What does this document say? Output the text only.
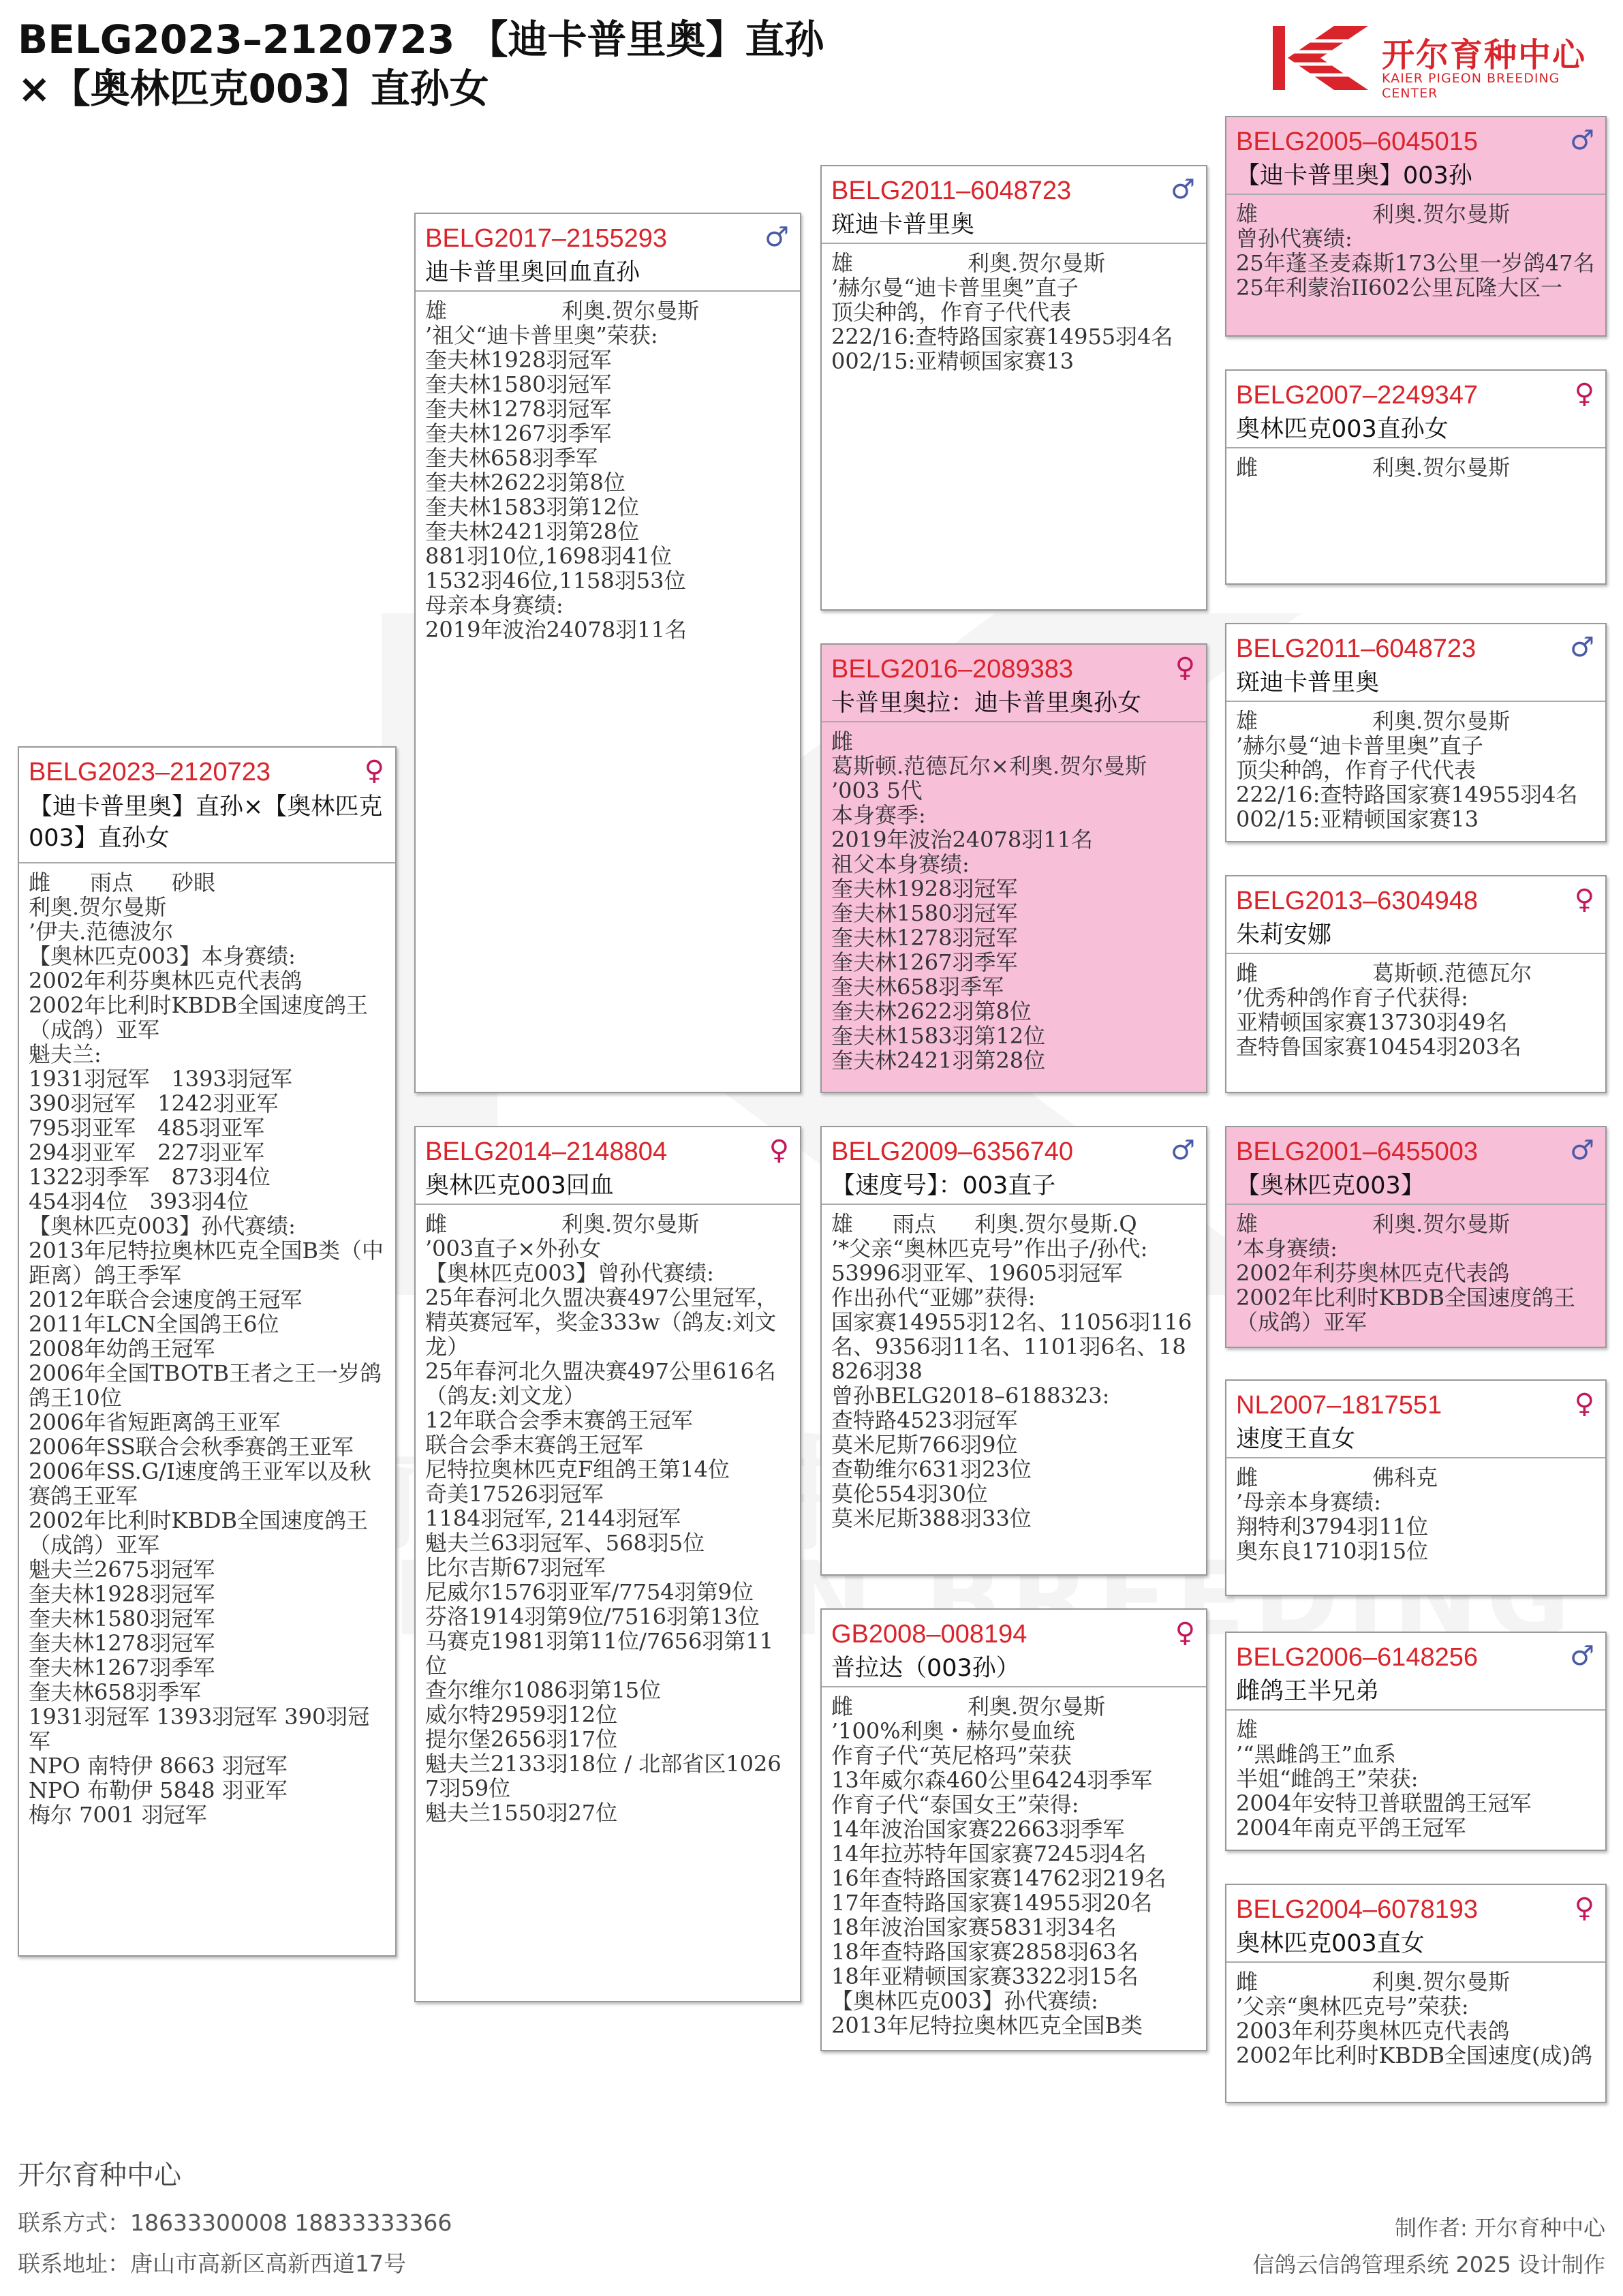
BELG2023–2120723 【迪卡普里奥】直孙×【奥林匹克003】直孙女
开尔育种中心
KAIER PIGEON BREEDING CENTER
BELG2023–2120723	♀
【迪卡普里奥】直孙×【奥林匹克003】直孙女
雌	雨点	砂眼
利奥.贺尔曼斯
’伊夫.范德波尔
【奥林匹克003】本身赛绩:
2002年利芬奥林匹克代表鸽
2002年比利时KBDB全国速度鸽王（成鸽）亚军
魁夫兰:
1931羽冠军　1393羽冠军
390羽冠军　1242羽亚军
795羽亚军　485羽亚军
294羽亚军　227羽亚军
1322羽季军　873羽4位
454羽4位　393羽4位
【奥林匹克003】孙代赛绩:
2013年尼特拉奥林匹克全国B类（中距离）鸽王季军
2012年联合会速度鸽王冠军
2011年LCN全国鸽王6位
2008年幼鸽王冠军
2006年全国TBOTB王者之王一岁鸽鸽王10位
2006年省短距离鸽王亚军
2006年SS联合会秋季赛鸽王亚军
2006年SS.G/I速度鸽王亚军以及秋赛鸽王亚军
2002年比利时KBDB全国速度鸽王（成鸽）亚军
魁夫兰2675羽冠军
奎夫林1928羽冠军
奎夫林1580羽冠军
奎夫林1278羽冠军
奎夫林1267羽季军
奎夫林658羽季军
1931羽冠军 1393羽冠军 390羽冠军
NPO 南特伊 8663 羽冠军
NPO 布勒伊 5848 羽亚军
梅尔 7001 羽冠军
BELG2017–2155293	♂
迪卡普里奥回血直孙
雄	利奥.贺尔曼斯
’祖父“迪卡普里奥”荣获:
奎夫林1928羽冠军
奎夫林1580羽冠军
奎夫林1278羽冠军
奎夫林1267羽季军
奎夫林658羽季军
奎夫林2622羽第8位
奎夫林1583羽第12位
奎夫林2421羽第28位
881羽10位,1698羽41位
1532羽46位,1158羽53位
母亲本身赛绩:
2019年波治24078羽11名
BELG2014–2148804	♀
奥林匹克003回血
雌	利奥.贺尔曼斯
’003直子×外孙女
【奥林匹克003】曾孙代赛绩:
25年春河北久盟决赛497公里冠军，精英赛冠军，奖金333w（鸽友:刘文龙）
25年春河北久盟决赛497公里616名（鸽友:刘文龙）
12年联合会季末赛鸽王冠军
联合会季末赛鸽王冠军
尼特拉奥林匹克F组鸽王第14位
奇美17526羽冠军
1184羽冠军, 2144羽冠军
魁夫兰63羽冠军、568羽5位
比尔吉斯67羽冠军
尼威尔1576羽亚军/7754羽第9位
芬洛1914羽第9位/7516羽第13位
马赛克1981羽第11位/7656羽第11位
查尔维尔1086羽第15位
威尔特2959羽12位
提尔堡2656羽17位
魁夫兰2133羽18位 / 北部省区10267羽59位
魁夫兰1550羽27位
BELG2011–6048723	♂
斑迪卡普里奥
雄	利奥.贺尔曼斯
’赫尔曼“迪卡普里奥”直子
顶尖种鸽，作育子代代表
222/16:查特路国家赛14955羽4名
002/15:亚精顿国家赛13
BELG2016–2089383	♀
卡普里奥拉：迪卡普里奥孙女
雌
葛斯顿.范德瓦尔×利奥.贺尔曼斯
’003 5代
本身赛季:
2019年波治24078羽11名
祖父本身赛绩:
奎夫林1928羽冠军
奎夫林1580羽冠军
奎夫林1278羽冠军
奎夫林1267羽季军
奎夫林658羽季军
奎夫林2622羽第8位
奎夫林1583羽第12位
奎夫林2421羽第28位
BELG2009–6356740	♂
【速度号】：003直子
雄	雨点	利奥.贺尔曼斯.Q
’*父亲“奥林匹克号”作出子/孙代:
53996羽亚军、19605羽冠军
作出孙代“亚娜”获得:
国家赛14955羽12名、11056羽116名、9356羽11名、1101羽6名、18826羽38
曾孙BELG2018–6188323:
查特路4523羽冠军
莫米尼斯766羽9位
查勒维尔631羽23位
莫伦554羽30位
莫米尼斯388羽33位
GB2008–008194	♀
普拉达（003孙）
雌	利奥.贺尔曼斯
’100%利奥・赫尔曼血统
作育子代“英尼格玛”荣获
13年威尔森460公里6424羽季军
作育子代“泰国女王”荣得:
14年波治国家赛22663羽季军
14年拉苏特年国家赛7245羽4名
16年查特路国家赛14762羽219名
17年查特路国家赛14955羽20名
18年波治国家赛5831羽34名
18年查特路国家赛2858羽63名
18年亚精顿国家赛3322羽15名
【奥林匹克003】孙代赛绩:
2013年尼特拉奥林匹克全国B类
BELG2005–6045015	♂
【迪卡普里奥】003孙
雄	利奥.贺尔曼斯
曾孙代赛绩:
25年蓬圣麦森斯173公里一岁鸽47名
25年利蒙治II602公里瓦隆大区一
BELG2007–2249347	♀
奥林匹克003直孙女
雌	利奥.贺尔曼斯
BELG2011–6048723	♂
斑迪卡普里奥
雄	利奥.贺尔曼斯
’赫尔曼“迪卡普里奥”直子
顶尖种鸽，作育子代代表
222/16:查特路国家赛14955羽4名
002/15:亚精顿国家赛13
BELG2013–6304948	♀
朱莉安娜
雌	葛斯顿.范德瓦尔
’优秀种鸽作育子代获得:
亚精顿国家赛13730羽49名
查特鲁国家赛10454羽203名
BELG2001–6455003	♂
【奥林匹克003】
雄	利奥.贺尔曼斯
’本身赛绩:
2002年利芬奥林匹克代表鸽
2002年比利时KBDB全国速度鸽王（成鸽）亚军
NL2007–1817551	♀
速度王直女
雌	佛科克
’母亲本身赛绩:
翔特利3794羽11位
奥东良1710羽15位
BELG2006–6148256	♂
雌鸽王半兄弟
雄
’“黑雌鸽王”血系
半姐“雌鸽王”荣获:
2004年安特卫普联盟鸽王冠军
2004年南克平鸽王冠军
BELG2004–6078193	♀
奥林匹克003直女
雌	利奥.贺尔曼斯
’父亲“奥林匹克号”荣获:
2003年利芬奥林匹克代表鸽
2002年比利时KBDB全国速度(成)鸽
开尔育种中心
联系方式：18633300008 18833333366
联系地址：唐山市高新区高新西道17号
制作者: 开尔育种中心
信鸽云信鸽管理系统 2025 设计制作
